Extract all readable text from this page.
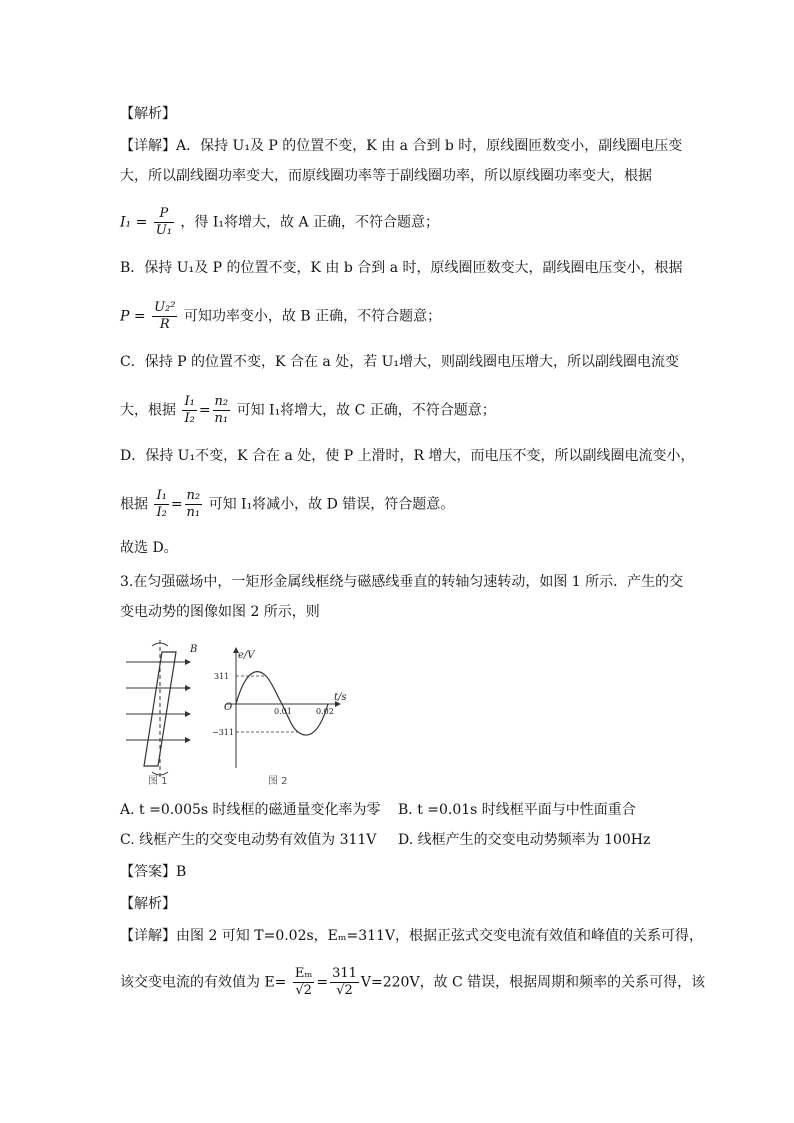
【解析】
【详解】A．保持 U₁及 P 的位置不变，K 由 a 合到 b 时，原线圈匝数变小，副线圈电压变
大，所以副线圈功率变大，而原线圈功率等于副线圈功率，所以原线圈功率变大，根据
$I_1 = \frac{P}{\text{U₁}}$ ，得 I₁将增大，故 A 正确，不符合题意；
B．保持 U₁及 P 的位置不变，K 由 b 合到 a 时，原线圈匝数变大，副线圈电压变小，根据
$P = \frac{\text{U₂²}}{R}$ 可知功率变小，故 B 正确，不符合题意；
C．保持 P 的位置不变，K 合在 a 处，若 U₁增大，则副线圈电压增大，所以副线圈电流变
大，根据 $\frac{\text{I₁}}{\text{I₂}} = \frac{\text{n₂}}{\text{n₁}}$ 可知 I₁将增大，故 C 正确，不符合题意；
D．保持 U₁不变，K 合在 a 处，使 P 上滑时，R 增大，而电压不变，所以副线圈电流变小，
根据 $\frac{\text{I₁}}{\text{I₂}} = \frac{\text{n₂}}{\text{n₁}}$ 可知 I₁将减小，故 D 错误，符合题意。
故选 D。
3.在匀强磁场中，一矩形金属线框绕与磁感线垂直的转轴匀速转动，如图 1 所示．产生的交
变电动势的图像如图 2 所示，则
B
图 1
e/V
t/s
O
311
−311
0.01	0.02
图 2
A. t =0.005s 时线框的磁通量变化率为零 B. t =0.01s 时线框平面与中性面重合
C. 线框产生的交变电动势有效值为 311V D. 线框产生的交变电动势频率为 100Hz
【答案】B
【解析】
【详解】由图 2 可知 T=0.02s，Eₘ=311V，根据正弦式交变电流有效值和峰值的关系可得，
该交变电流的有效值为 $E= \frac{\text{Eₘ}}{√2} = \frac{311}{√2} V=220V$，故 C 错误，根据周期和频率的关系可得，该
